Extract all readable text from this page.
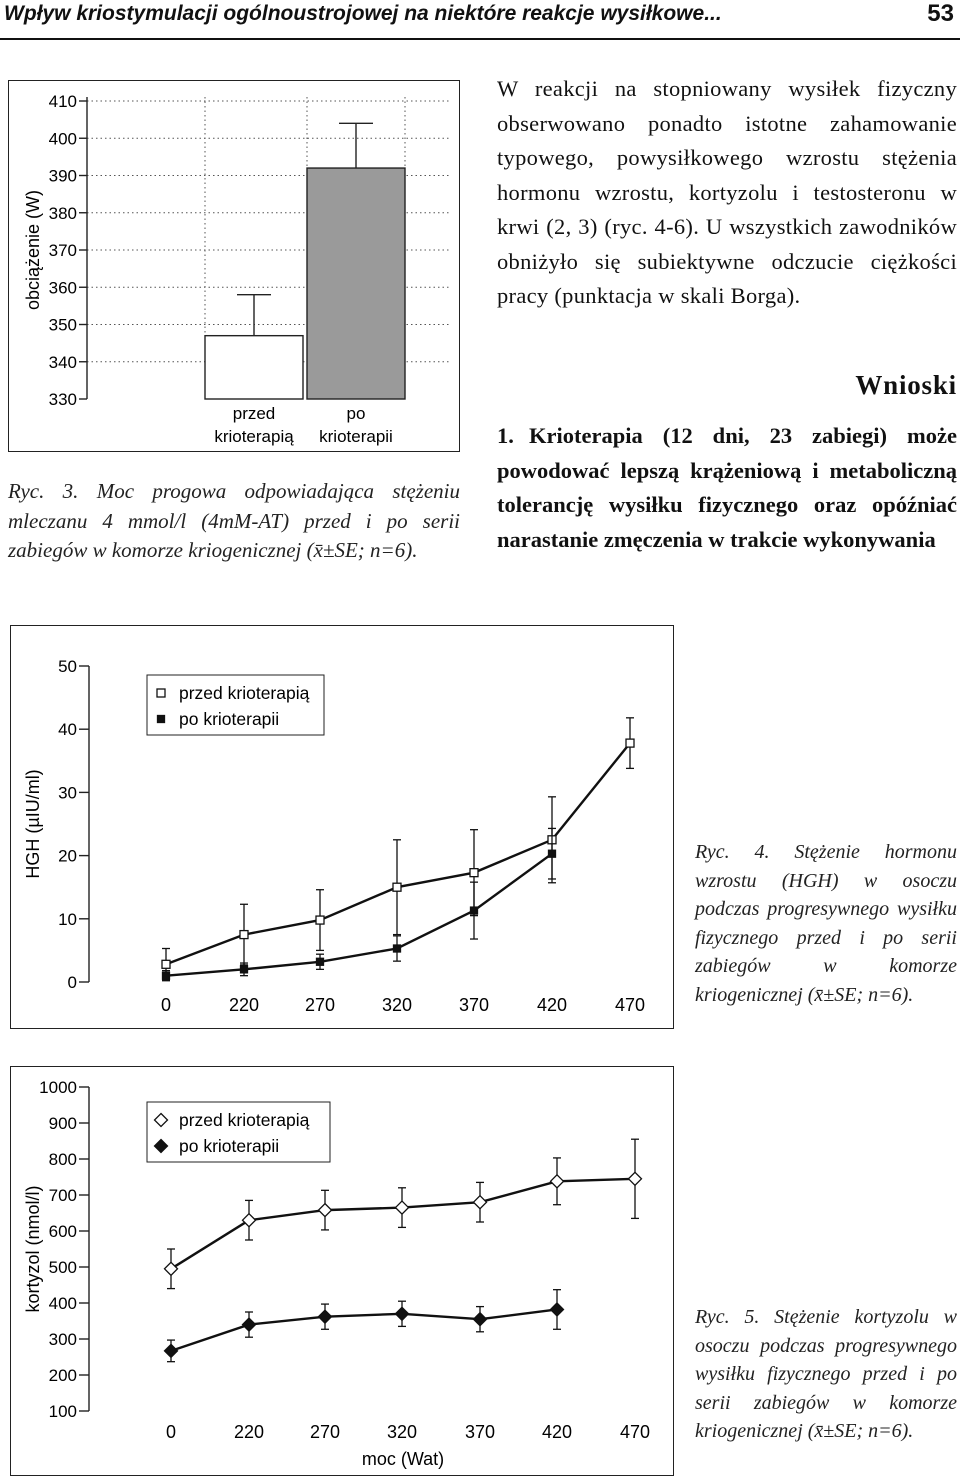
Wpływ kriostymulacji ogólnoustrojowej na niektóre reakcje wysiłkowe...	53
330
340
350
360
370
380
390
400
410
obciążenie (W)
przed
krioterapią
po
krioterapii
Ryc. 3. Moc progowa odpowiadająca stężeniu mleczanu 4 mmol/l (4mM-AT) przed i po serii zabiegów w komorze kriogenicznej (x̄±SE; n=6).
W reakcji na stopniowany wysiłek fizyczny obserwowano ponadto istotne zahamowanie typowego, powysiłkowego wzrostu stężenia hormonu wzrostu, kortyzolu i testosteronu w krwi (2, 3) (ryc. 4-6). U wszystkich zawodników obniżyło się subiektywne odczucie ciężkości pracy (punktacja w skali Borga).
Wnioski
1. Krioterapia (12 dni, 23 zabiegi) może powodować lepszą krążeniową i metaboliczną tolerancję wysiłku fizycznego oraz opóźniać narastanie zmęczenia w trakcie wykonywania
0
10
20
30
40
50
HGH (µIU/ml)
0	220	270	320	370	420	470
przed krioterapią
po krioterapii
Ryc. 4. Stężenie hormonu wzrostu (HGH) w osoczu podczas progresywnego wysiłku fizycznego przed i po serii zabiegów w komorze kriogenicznej (x̄±SE; n=6).
100
200
300
400
500
600
700
800
900
1000
kortyzol (nmol/l)
0	220	270	320	370	420	470
moc (Wat)
przed krioterapią
po krioterapii
Ryc. 5. Stężenie kortyzolu w osoczu podczas progresywnego wysiłku fizycznego przed i po serii zabiegów w komorze kriogenicznej (x̄±SE; n=6).
